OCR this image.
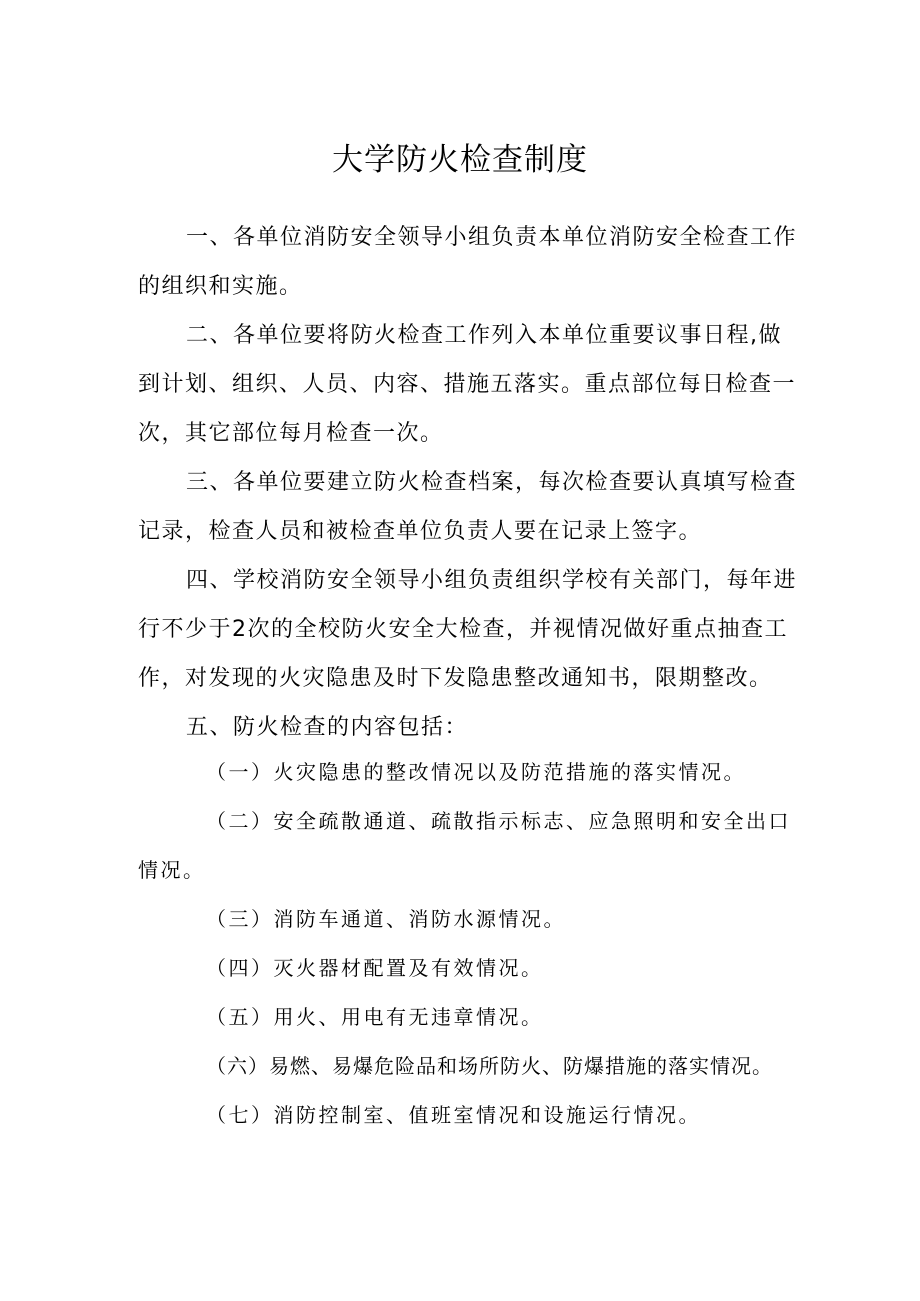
大学防火检查制度

一、各单位消防安全领导小组负责本单位消防安全检查工作的组织和实施。

二、各单位要将防火检查工作列入本单位重要议事日程,做到计划、组织、人员、内容、措施五落实。重点部位每日检查一次，其它部位每月检查一次。

三、各单位要建立防火检查档案，每次检查要认真填写检查记录，检查人员和被检查单位负责人要在记录上签字。

四、学校消防安全领导小组负责组织学校有关部门，每年进行不少于2次的全校防火安全大检查，并视情况做好重点抽查工作，对发现的火灾隐患及时下发隐患整改通知书，限期整改。

五、防火检查的内容包括：

（一）火灾隐患的整改情况以及防范措施的落实情况。

（二）安全疏散通道、疏散指示标志、应急照明和安全出口情况。

（三）消防车通道、消防水源情况。

（四）灭火器材配置及有效情况。

（五）用火、用电有无违章情况。

（六）易燃、易爆危险品和场所防火、防爆措施的落实情况。

（七）消防控制室、值班室情况和设施运行情况。
